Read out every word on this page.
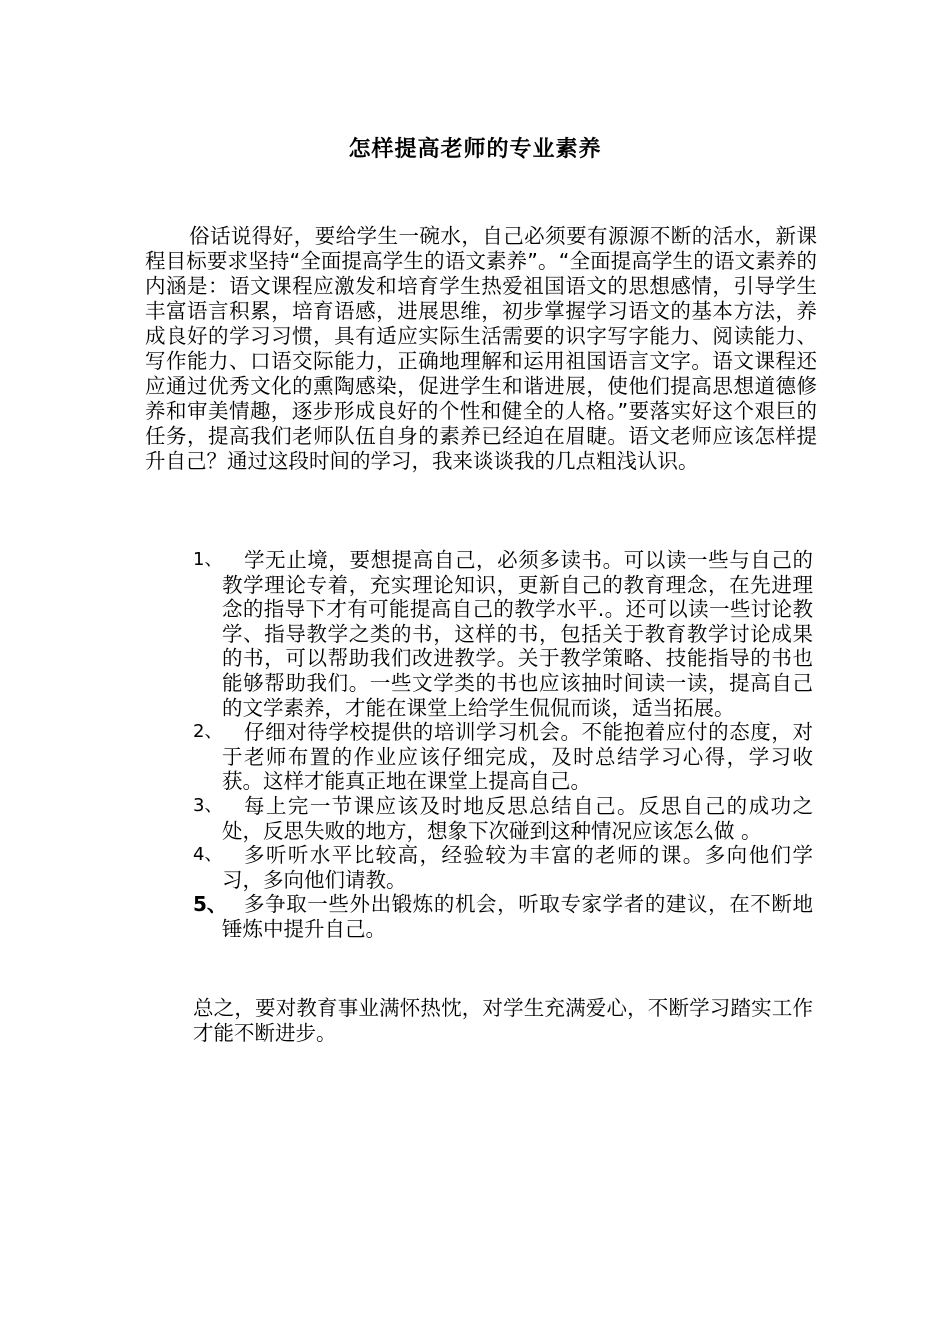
怎样提高老师的专业素养

俗话说得好，要给学生一碗水，自己必须要有源源不断的活水，新课程目标要求坚持“全面提高学生的语文素养”。“全面提高学生的语文素养的内涵是：语文课程应激发和培育学生热爱祖国语文的思想感情，引导学生丰富语言积累，培育语感，进展思维，初步掌握学习语文的基本方法，养成良好的学习习惯，具有适应实际生活需要的识字写字能力、阅读能力、写作能力、口语交际能力，正确地理解和运用祖国语言文字。语文课程还应通过优秀文化的熏陶感染，促进学生和谐进展，使他们提高思想道德修养和审美情趣，逐步形成良好的个性和健全的人格。”要落实好这个艰巨的任务，提高我们老师队伍自身的素养已经迫在眉睫。语文老师应该怎样提升自己？通过这段时间的学习，我来谈谈我的几点粗浅认识。

1、	学无止境，要想提高自己，必须多读书。可以读一些与自己的教学理论专着，充实理论知识，更新自己的教育理念，在先进理念的指导下才有可能提高自己的教学水平.。还可以读一些讨论教学、指导教学之类的书，这样的书，包括关于教育教学讨论成果的书，可以帮助我们改进教学。关于教学策略、技能指导的书也能够帮助我们。一些文学类的书也应该抽时间读一读，提高自己的文学素养，才能在课堂上给学生侃侃而谈，适当拓展。
2、	仔细对待学校提供的培训学习机会。不能抱着应付的态度，对于老师布置的作业应该仔细完成，及时总结学习心得，学习收获。这样才能真正地在课堂上提高自己。
3、	每上完一节课应该及时地反思总结自己。反思自己的成功之处，反思失败的地方，想象下次碰到这种情况应该怎么做 。
4、	多听听水平比较高，经验较为丰富的老师的课。多向他们学习，多向他们请教。
5、 多争取一些外出锻炼的机会，听取专家学者的建议，在不断地锤炼中提升自己。

总之，要对教育事业满怀热忱，对学生充满爱心，不断学习踏实工作才能不断进步。
